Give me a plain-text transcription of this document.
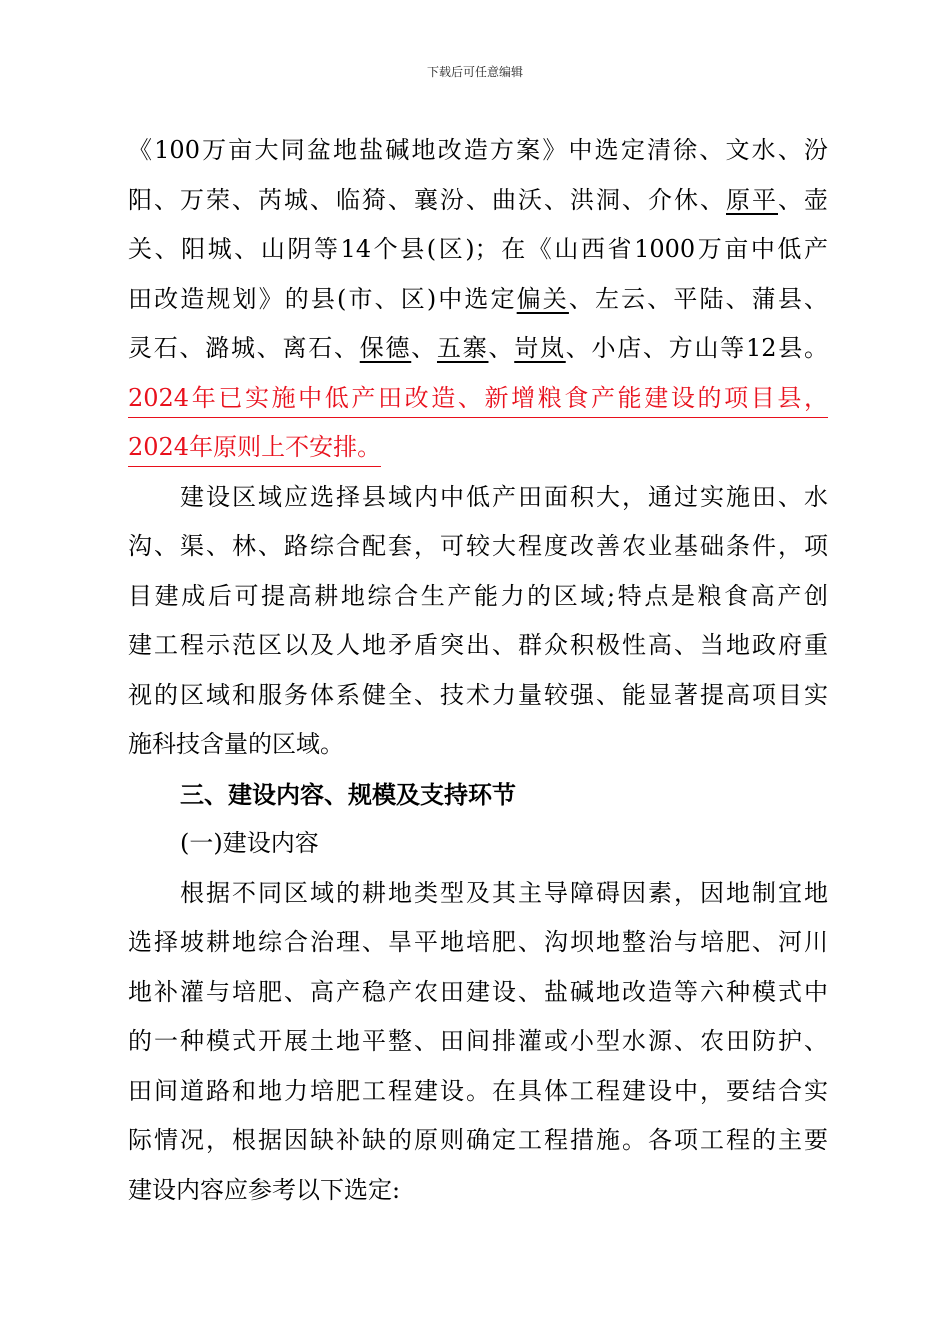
下载后可任意编辑
《100万亩大同盆地盐碱地改造方案》中选定清徐、文水、汾
阳、万荣、芮城、临猗、襄汾、曲沃、洪洞、介休、原平、壶
关、阳城、山阴等14个县(区)；在《山西省1000万亩中低产
田改造规划》的县(市、区)中选定偏关、左云、平陆、蒲县、
灵石、潞城、离石、保德、五寨、岢岚、小店、方山等12县。
2024年已实施中低产田改造、新增粮食产能建设的项目县，
2024年原则上不安排。
建设区域应选择县域内中低产田面积大，通过实施田、水
沟、渠、林、路综合配套，可较大程度改善农业基础条件，项
目建成后可提高耕地综合生产能力的区域;特点是粮食高产创
建工程示范区以及人地矛盾突出、群众积极性高、当地政府重
视的区域和服务体系健全、技术力量较强、能显著提高项目实
施科技含量的区域。
三、建设内容、规模及支持环节
(一)建设内容
根据不同区域的耕地类型及其主导障碍因素，因地制宜地
选择坡耕地综合治理、旱平地培肥、沟坝地整治与培肥、河川
地补灌与培肥、高产稳产农田建设、盐碱地改造等六种模式中
的一种模式开展土地平整、田间排灌或小型水源、农田防护、
田间道路和地力培肥工程建设。在具体工程建设中，要结合实
际情况，根据因缺补缺的原则确定工程措施。各项工程的主要
建设内容应参考以下选定:
